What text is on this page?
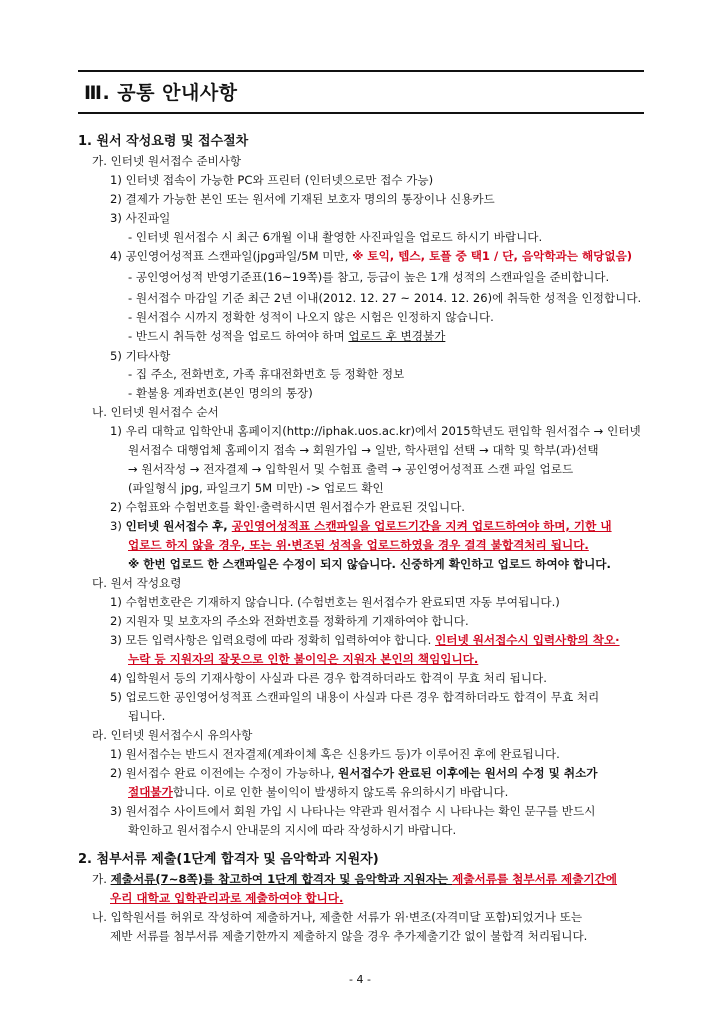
Ⅲ. 공통 안내사항
1. 원서 작성요령 및 접수절차
가. 인터넷 원서접수 준비사항
1) 인터넷 접속이 가능한 PC와 프린터 (인터넷으로만 접수 가능)
2) 결제가 가능한 본인 또는 원서에 기재된 보호자 명의의 통장이나 신용카드
3) 사진파일
- 인터넷 원서접수 시 최근 6개월 이내 촬영한 사진파일을 업로드 하시기 바랍니다.
4) 공인영어성적표 스캔파일(jpg파일/5M 미만, ※ 토익, 텝스, 토플 중 택1 / 단, 음악학과는 해당없음)
- 공인영어성적 반영기준표(16~19쪽)를 참고, 등급이 높은 1개 성적의 스캔파일을 준비합니다.
- 원서접수 마감일 기준 최근 2년 이내(2012. 12. 27 ~ 2014. 12. 26)에 취득한 성적을 인정합니다.
- 원서접수 시까지 정확한 성적이 나오지 않은 시험은 인정하지 않습니다.
- 반드시 취득한 성적을 업로드 하여야 하며 업로드 후 변경불가
5) 기타사항
- 집 주소, 전화번호, 가족 휴대전화번호 등 정확한 정보
- 환불용 계좌번호(본인 명의의 통장)
나. 인터넷 원서접수 순서
1) 우리 대학교 입학안내 홈페이지(http://iphak.uos.ac.kr)에서 2015학년도 편입학 원서접수 → 인터넷
원서접수 대행업체 홈페이지 접속 → 회원가입 → 일반, 학사편입 선택 → 대학 및 학부(과)선택
→ 원서작성 → 전자결제 → 입학원서 및 수험표 출력 → 공인영어성적표 스캔 파일 업로드
(파일형식 jpg, 파일크기 5M 미만) -> 업로드 확인
2) 수험표와 수험번호를 확인·출력하시면 원서접수가 완료된 것입니다.
3) 인터넷 원서접수 후, 공인영어성적표 스캔파일을 업로드기간을 지켜 업로드하여야 하며, 기한 내
업로드 하지 않을 경우, 또는 위·변조된 성적을 업로드하였을 경우 결격 불합격처리 됩니다.
※ 한번 업로드 한 스캔파일은 수정이 되지 않습니다. 신중하게 확인하고 업로드 하여야 합니다.
다. 원서 작성요령
1) 수험번호란은 기재하지 않습니다. (수험번호는 원서접수가 완료되면 자동 부여됩니다.)
2) 지원자 및 보호자의 주소와 전화번호를 정확하게 기재하여야 합니다.
3) 모든 입력사항은 입력요령에 따라 정확히 입력하여야 합니다. 인터넷 원서접수시 입력사항의 착오·
누락 등 지원자의 잘못으로 인한 불이익은 지원자 본인의 책임입니다.
4) 입학원서 등의 기재사항이 사실과 다른 경우 합격하더라도 합격이 무효 처리 됩니다.
5) 업로드한 공인영어성적표 스캔파일의 내용이 사실과 다른 경우 합격하더라도 합격이 무효 처리
됩니다.
라. 인터넷 원서접수시 유의사항
1) 원서접수는 반드시 전자결제(계좌이체 혹은 신용카드 등)가 이루어진 후에 완료됩니다.
2) 원서접수 완료 이전에는 수정이 가능하나, 원서접수가 완료된 이후에는 원서의 수정 및 취소가
절대불가합니다. 이로 인한 불이익이 발생하지 않도록 유의하시기 바랍니다.
3) 원서접수 사이트에서 회원 가입 시 나타나는 약관과 원서접수 시 나타나는 확인 문구를 반드시
확인하고 원서접수시 안내문의 지시에 따라 작성하시기 바랍니다.
2. 첨부서류 제출(1단계 합격자 및 음악학과 지원자)
가. 제출서류(7~8쪽)를 참고하여 1단계 합격자 및 음악학과 지원자는 제출서류를 첨부서류 제출기간에
우리 대학교 입학관리과로 제출하여야 합니다.
나. 입학원서를 허위로 작성하여 제출하거나, 제출한 서류가 위·변조(자격미달 포함)되었거나 또는
제반 서류를 첨부서류 제출기한까지 제출하지 않을 경우 추가제출기간 없이 불합격 처리됩니다.
- 4 -
